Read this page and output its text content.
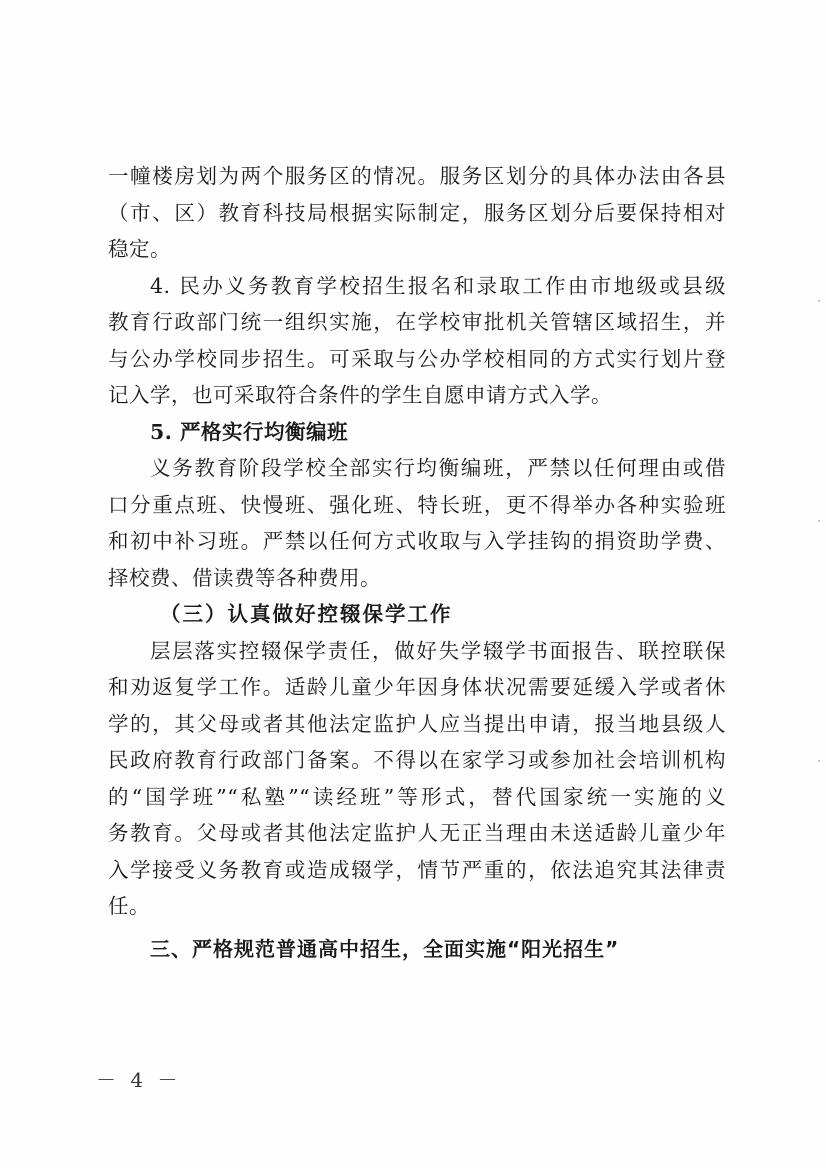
一幢楼房划为两个服务区的情况。服务区划分的具体办法由各县
（市、区）教育科技局根据实际制定，服务区划分后要保持相对
稳定。
4. 民办义务教育学校招生报名和录取工作由市地级或县级
教育行政部门统一组织实施，在学校审批机关管辖区域招生，并
与公办学校同步招生。可采取与公办学校相同的方式实行划片登
记入学，也可采取符合条件的学生自愿申请方式入学。
5. 严格实行均衡编班
义务教育阶段学校全部实行均衡编班，严禁以任何理由或借
口分重点班、快慢班、强化班、特长班，更不得举办各种实验班
和初中补习班。严禁以任何方式收取与入学挂钩的捐资助学费、
择校费、借读费等各种费用。
（三）认真做好控辍保学工作
层层落实控辍保学责任，做好失学辍学书面报告、联控联保
和劝返复学工作。适龄儿童少年因身体状况需要延缓入学或者休
学的，其父母或者其他法定监护人应当提出申请，报当地县级人
民政府教育行政部门备案。不得以在家学习或参加社会培训机构
的“国学班”“私塾”“读经班”等形式，替代国家统一实施的义
务教育。父母或者其他法定监护人无正当理由未送适龄儿童少年
入学接受义务教育或造成辍学，情节严重的，依法追究其法律责
任。
三、严格规范普通高中招生，全面实施“阳光招生”
－ 4 －
